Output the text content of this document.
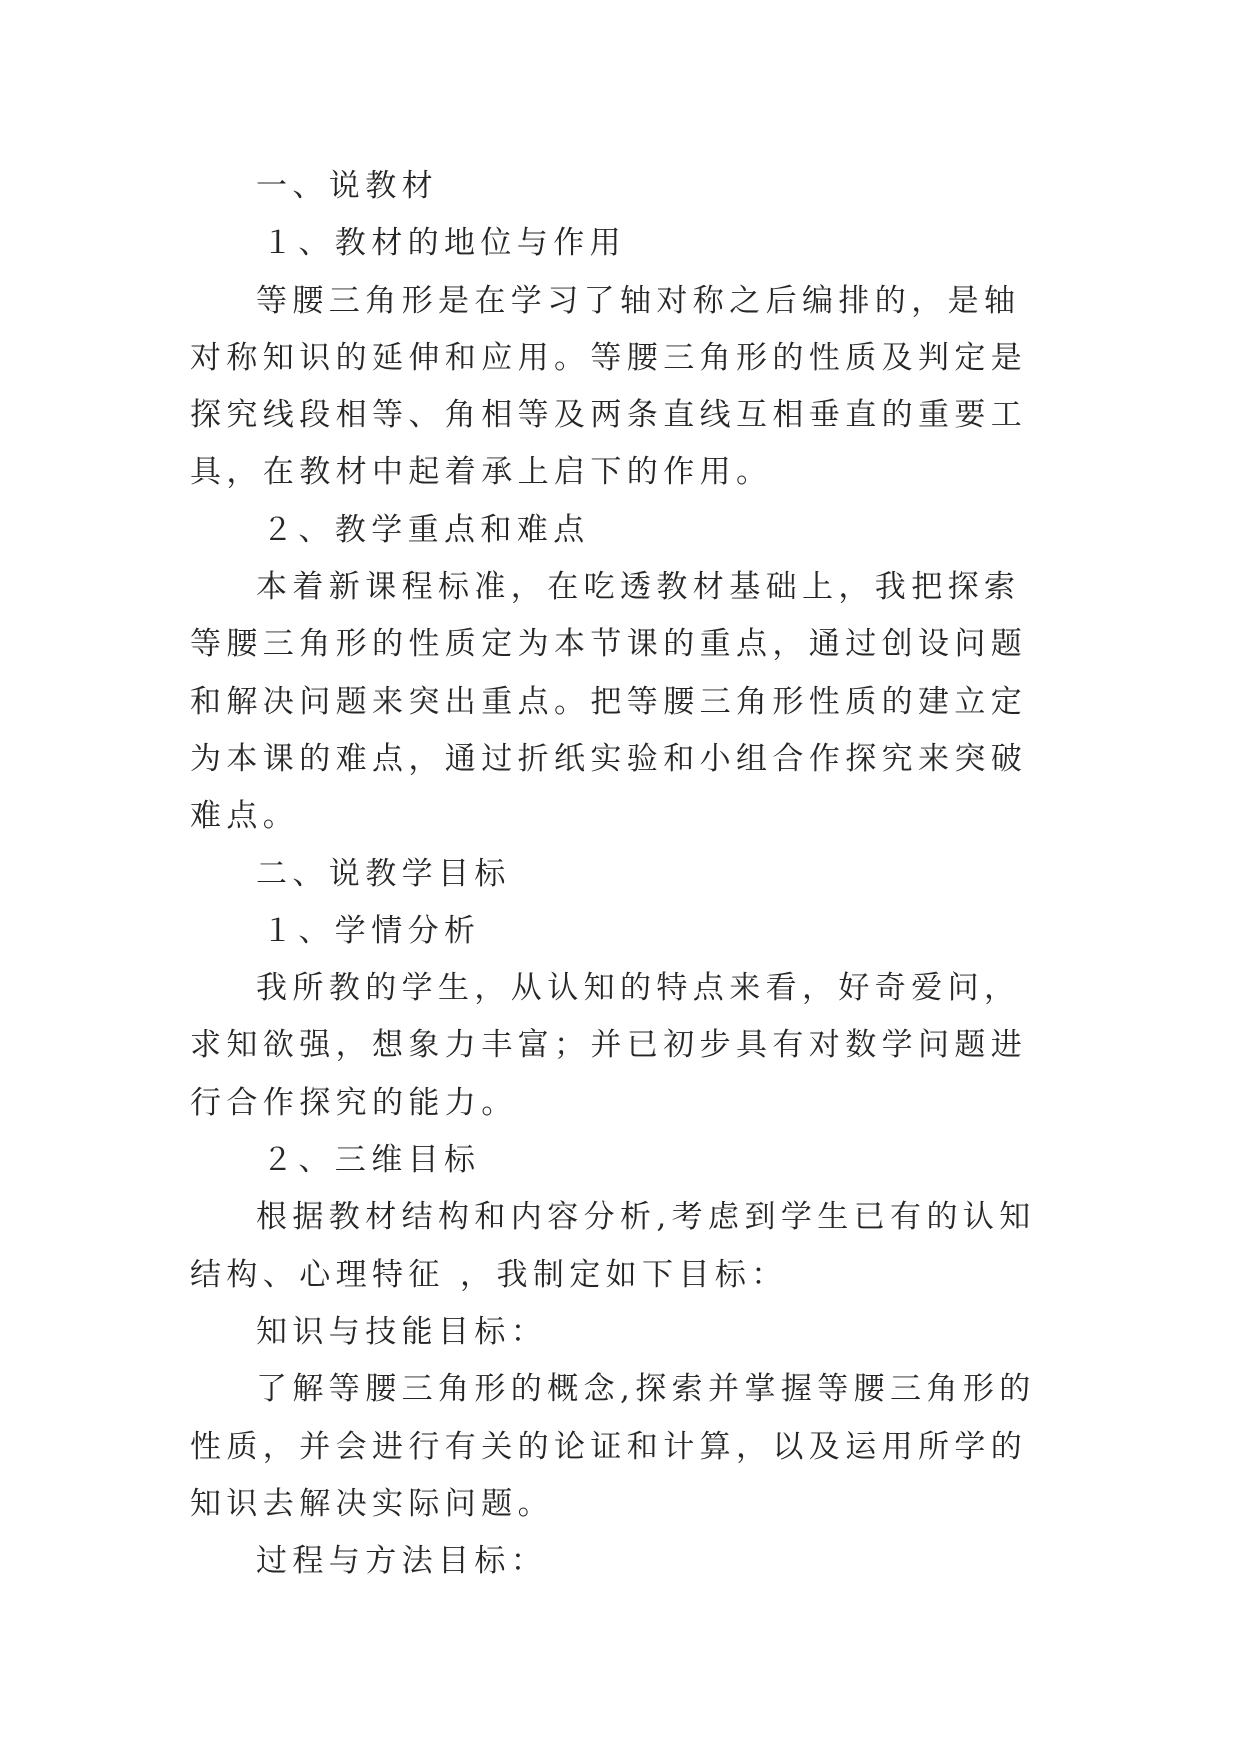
一、说教材

１、教材的地位与作用

等腰三角形是在学习了轴对称之后编排的，是轴对称知识的延伸和应用。等腰三角形的性质及判定是探究线段相等、角相等及两条直线互相垂直的重要工具，在教材中起着承上启下的作用。

２、教学重点和难点

本着新课程标准，在吃透教材基础上，我把探索等腰三角形的性质定为本节课的重点，通过创设问题和解决问题来突出重点。把等腰三角形性质的建立定为本课的难点，通过折纸实验和小组合作探究来突破难点。

二、说教学目标

１、学情分析

我所教的学生，从认知的特点来看，好奇爱问，求知欲强，想象力丰富；并已初步具有对数学问题进行合作探究的能力。

２、三维目标

根据教材结构和内容分析,考虑到学生已有的认知结构、心理特征 ，我制定如下目标：

知识与技能目标：

了解等腰三角形的概念,探索并掌握等腰三角形的性质，并会进行有关的论证和计算，以及运用所学的知识去解决实际问题。

过程与方法目标：
